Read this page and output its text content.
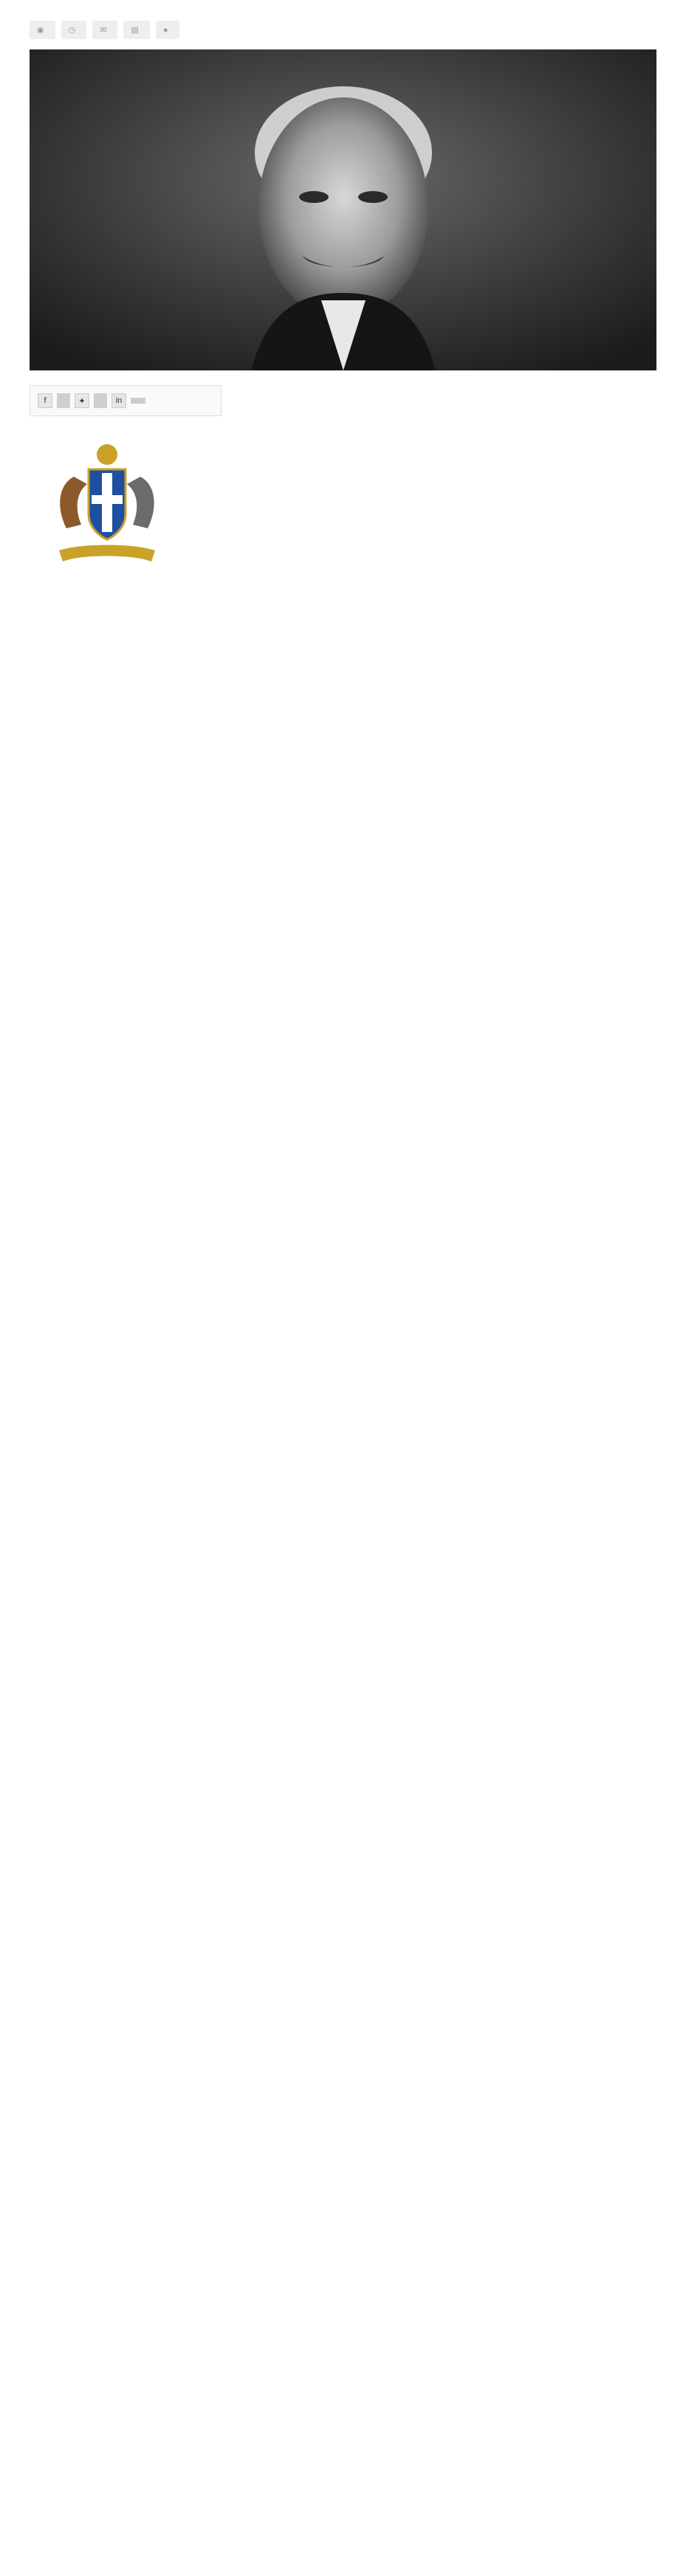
◉	◷	✉	▤	●
f	✦	in
